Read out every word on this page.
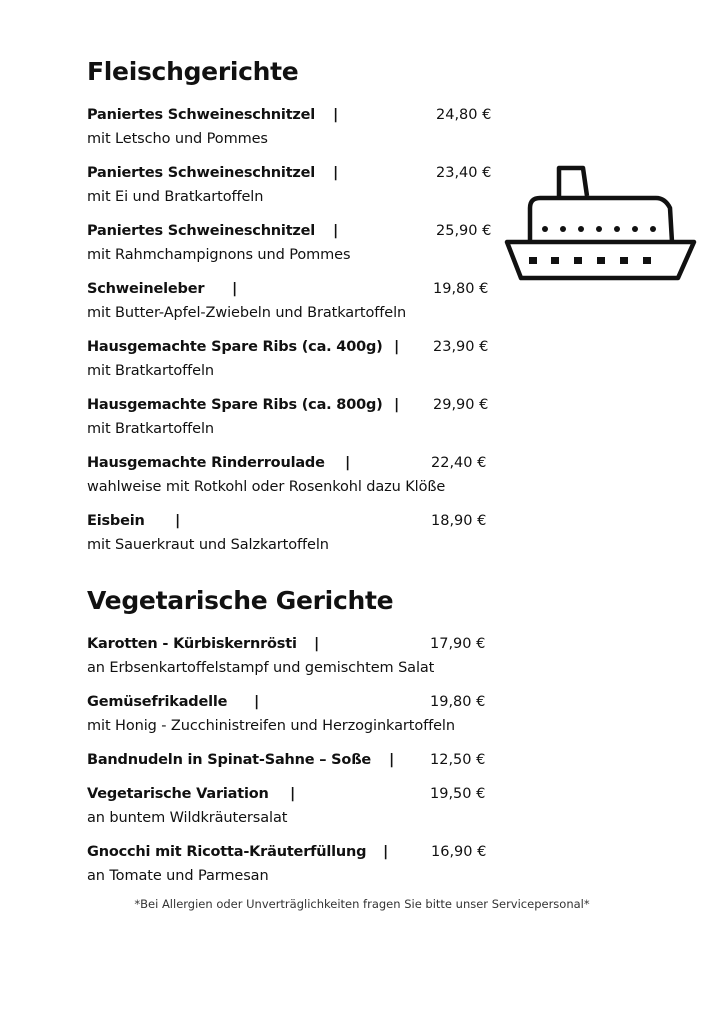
Fleischgerichte
Paniertes Schweineschnitzel |	24,80 €
mit Letscho und Pommes
Paniertes Schweineschnitzel |	23,40 €
mit Ei und Bratkartoffeln
Paniertes Schweineschnitzel |	25,90 €
mit Rahmchampignons und Pommes
Schweineleber |	19,80 €
mit Butter-Apfel-Zwiebeln und Bratkartoffeln
Hausgemachte Spare Ribs (ca. 400g) | 23,90 €
mit Bratkartoffeln
Hausgemachte Spare Ribs (ca. 800g) | 29,90 €
mit Bratkartoffeln
Hausgemachte Rinderroulade |	22,40 €
wahlweise mit Rotkohl oder Rosenkohl dazu Klöße
Eisbein |	18,90 €
mit Sauerkraut und Salzkartoffeln
Vegetarische Gerichte
Karotten - Kürbiskernrösti |	17,90 €
an Erbsenkartoffelstampf und gemischtem Salat
Gemüsefrikadelle |	19,80 €
mit Honig - Zucchinistreifen und Herzoginkartoffeln
Bandnudeln in Spinat-Sahne – Soße | 12,50 €
Vegetarische Variation |	19,50 €
an buntem Wildkräutersalat
Gnocchi mit Ricotta-Kräuterfüllung |	16,90 €
an Tomate und Parmesan
*Bei Allergien oder Unverträglichkeiten fragen Sie bitte unser Servicepersonal*
